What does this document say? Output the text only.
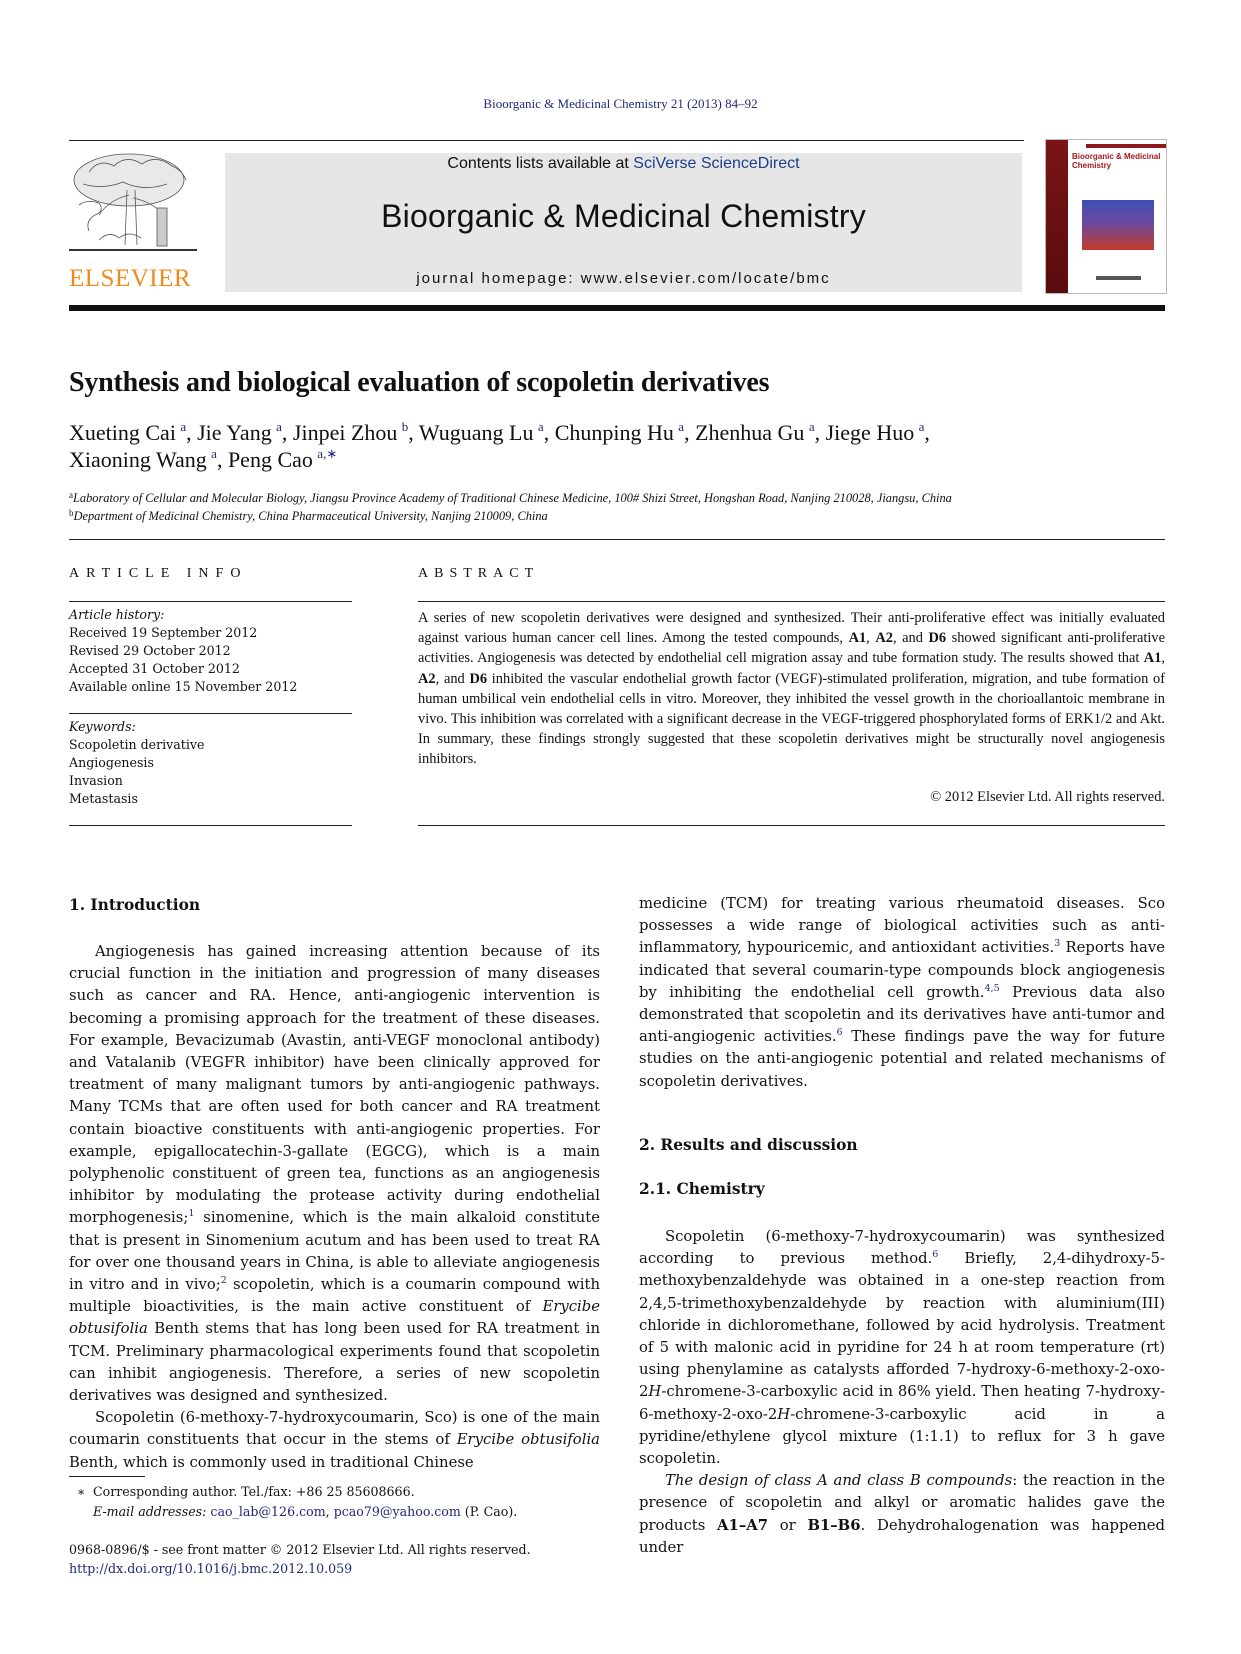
Bioorganic & Medicinal Chemistry 21 (2013) 84–92
ELSEVIER
Contents lists available at SciVerse ScienceDirect
Bioorganic & Medicinal Chemistry
journal homepage: www.elsevier.com/locate/bmc
Bioorganic & Medicinal Chemistry
Synthesis and biological evaluation of scopoletin derivatives
Xueting Cai  $^a$, Jie Yang  $^a$, Jinpei Zhou  $^b$, Wuguang Lu  $^a$, Chunping Hu  $^a$, Zhenhua Gu  $^a$, Jiege Huo  $^a$,
Xiaoning Wang  $^a$, Peng Cao  $^{a,∗}$
$^a$Laboratory of Cellular and Molecular Biology, Jiangsu Province Academy of Traditional Chinese Medicine, 100# Shizi Street, Hongshan Road, Nanjing 210028, Jiangsu, China
$^b$Department of Medicinal Chemistry, China Pharmaceutical University, Nanjing 210009, China
ARTICLE INFO
Article history:
Received 19 September 2012
Revised 29 October 2012
Accepted 31 October 2012
Available online 15 November 2012
Keywords:
Scopoletin derivative
Angiogenesis
Invasion
Metastasis
ABSTRACT
A series of new scopoletin derivatives were designed and synthesized. Their anti-proliferative effect was initially evaluated against various human cancer cell lines. Among the tested compounds, A1, A2, and D6 showed significant anti-proliferative activities. Angiogenesis was detected by endothelial cell migration assay and tube formation study. The results showed that A1, A2, and D6 inhibited the vascular endothelial growth factor (VEGF)-stimulated proliferation, migration, and tube formation of human umbilical vein endothelial cells in vitro. Moreover, they inhibited the vessel growth in the chorioallantoic membrane in vivo. This inhibition was correlated with a significant decrease in the VEGF-triggered phosphorylated forms of ERK1/2 and Akt. In summary, these findings strongly suggested that these scopoletin derivatives might be structurally novel angiogenesis inhibitors.
© 2012 Elsevier Ltd. All rights reserved.
1. Introduction

Angiogenesis has gained increasing attention because of its crucial function in the initiation and progression of many diseases such as cancer and RA. Hence, anti-angiogenic intervention is becoming a promising approach for the treatment of these diseases. For example, Bevacizumab (Avastin, anti-VEGF monoclonal antibody) and Vatalanib (VEGFR inhibitor) have been clinically approved for treatment of many malignant tumors by anti-angiogenic pathways. Many TCMs that are often used for both cancer and RA treatment contain bioactive constituents with anti-angiogenic properties. For example, epigallocatechin-3-gallate (EGCG), which is a main polyphenolic constituent of green tea, functions as an angiogenesis inhibitor by modulating the protease activity during endothelial morphogenesis;$^1$ sinomenine, which is the main alkaloid constitute that is present in Sinomenium acutum and has been used to treat RA for over one thousand years in China, is able to alleviate angiogenesis in vitro and in vivo;$^2$ scopoletin, which is a coumarin compound with multiple bioactivities, is the main active constituent of Erycibe obtusifolia Benth stems that has long been used for RA treatment in TCM. Preliminary pharmacological experiments found that scopoletin can inhibit angiogenesis. Therefore, a series of new scopoletin derivatives was designed and synthesized.

Scopoletin (6-methoxy-7-hydroxycoumarin, Sco) is one of the main coumarin constituents that occur in the stems of Erycibe obtusifolia Benth, which is commonly used in traditional Chinese

medicine (TCM) for treating various rheumatoid diseases. Sco possesses a wide range of biological activities such as anti-inflammatory, hypouricemic, and antioxidant activities.$^3$ Reports have indicated that several coumarin-type compounds block angiogenesis by inhibiting the endothelial cell growth.$^{4,5}$ Previous data also demonstrated that scopoletin and its derivatives have anti-tumor and anti-angiogenic activities.$^6$ These findings pave the way for future studies on the anti-angiogenic potential and related mechanisms of scopoletin derivatives.

2. Results and discussion
2.1. Chemistry

Scopoletin (6-methoxy-7-hydroxycoumarin) was synthesized according to previous method.$^6$ Briefly, 2,4-dihydroxy-5-methoxybenzaldehyde was obtained in a one-step reaction from 2,4,5-trimethoxybenzaldehyde by reaction with aluminium(III) chloride in dichloromethane, followed by acid hydrolysis. Treatment of 5 with malonic acid in pyridine for 24 h at room temperature (rt) using phenylamine as catalysts afforded 7-hydroxy-6-methoxy-2-oxo-2H-chromene-3-carboxylic acid in 86% yield. Then heating 7-hydroxy-6-methoxy-2-oxo-2H-chromene-3-carboxylic acid in a pyridine/ethylene glycol mixture (1:1.1) to reflux for 3 h gave scopoletin.

The design of class A and class B compounds: the reaction in the presence of scopoletin and alkyl or aromatic halides gave the products A1–A7 or B1–B6. Dehydrohalogenation was happened under

∗ Corresponding author. Tel./fax: +86 25 85608666.
E-mail addresses: cao_lab@126.com, pcao79@yahoo.com (P. Cao).
0968-0896/$ - see front matter © 2012 Elsevier Ltd. All rights reserved.
http://dx.doi.org/10.1016/j.bmc.2012.10.059
